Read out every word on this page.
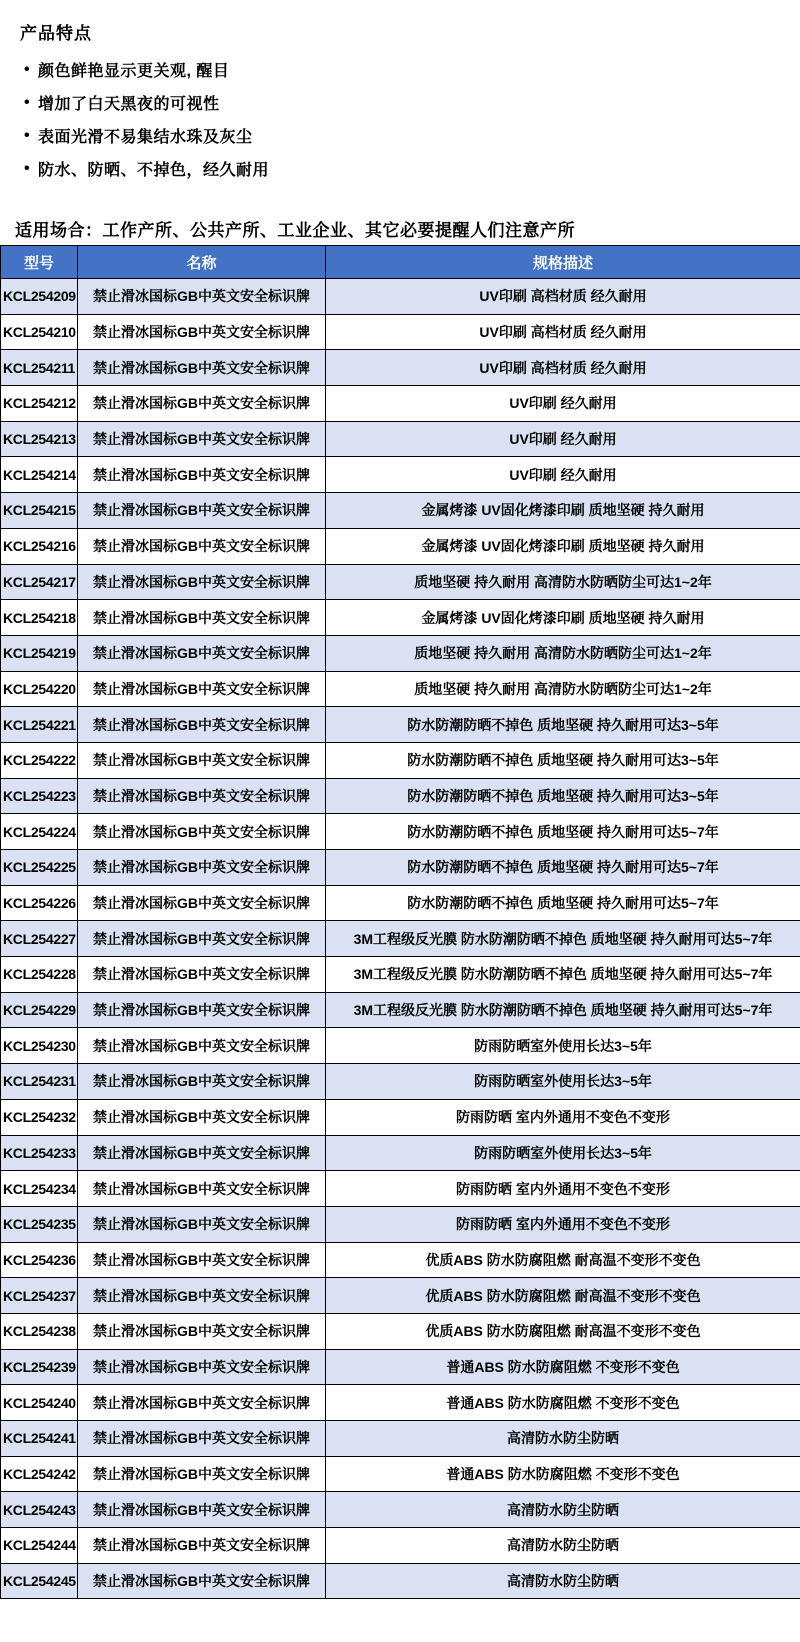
产品特点
• 颜色鲜艳显示更关观, 醒目
• 增加了白天黑夜的可视性
• 表面光滑不易集结水珠及灰尘
• 防水、防晒、不掉色，经久耐用
适用场合：工作产所、公共产所、工业企业、其它必要提醒人们注意产所
型号	名称	规格描述
KCL254209	禁止滑冰国标GB中英文安全标识牌	UV印刷 高档材质 经久耐用
KCL254210	禁止滑冰国标GB中英文安全标识牌	UV印刷 高档材质 经久耐用
KCL254211	禁止滑冰国标GB中英文安全标识牌	UV印刷 高档材质 经久耐用
KCL254212	禁止滑冰国标GB中英文安全标识牌	UV印刷 经久耐用
KCL254213	禁止滑冰国标GB中英文安全标识牌	UV印刷 经久耐用
KCL254214	禁止滑冰国标GB中英文安全标识牌	UV印刷 经久耐用
KCL254215	禁止滑冰国标GB中英文安全标识牌	金属烤漆 UV固化烤漆印刷 质地坚硬 持久耐用
KCL254216	禁止滑冰国标GB中英文安全标识牌	金属烤漆 UV固化烤漆印刷 质地坚硬 持久耐用
KCL254217	禁止滑冰国标GB中英文安全标识牌	质地坚硬 持久耐用 高清防水防晒防尘可达1~2年
KCL254218	禁止滑冰国标GB中英文安全标识牌	金属烤漆 UV固化烤漆印刷 质地坚硬 持久耐用
KCL254219	禁止滑冰国标GB中英文安全标识牌	质地坚硬 持久耐用 高清防水防晒防尘可达1~2年
KCL254220	禁止滑冰国标GB中英文安全标识牌	质地坚硬 持久耐用 高清防水防晒防尘可达1~2年
KCL254221	禁止滑冰国标GB中英文安全标识牌	防水防潮防晒不掉色 质地坚硬 持久耐用可达3~5年
KCL254222	禁止滑冰国标GB中英文安全标识牌	防水防潮防晒不掉色 质地坚硬 持久耐用可达3~5年
KCL254223	禁止滑冰国标GB中英文安全标识牌	防水防潮防晒不掉色 质地坚硬 持久耐用可达3~5年
KCL254224	禁止滑冰国标GB中英文安全标识牌	防水防潮防晒不掉色 质地坚硬 持久耐用可达5~7年
KCL254225	禁止滑冰国标GB中英文安全标识牌	防水防潮防晒不掉色 质地坚硬 持久耐用可达5~7年
KCL254226	禁止滑冰国标GB中英文安全标识牌	防水防潮防晒不掉色 质地坚硬 持久耐用可达5~7年
KCL254227	禁止滑冰国标GB中英文安全标识牌	3M工程级反光膜 防水防潮防晒不掉色 质地坚硬 持久耐用可达5~7年
KCL254228	禁止滑冰国标GB中英文安全标识牌	3M工程级反光膜 防水防潮防晒不掉色 质地坚硬 持久耐用可达5~7年
KCL254229	禁止滑冰国标GB中英文安全标识牌	3M工程级反光膜 防水防潮防晒不掉色 质地坚硬 持久耐用可达5~7年
KCL254230	禁止滑冰国标GB中英文安全标识牌	防雨防晒室外使用长达3~5年
KCL254231	禁止滑冰国标GB中英文安全标识牌	防雨防晒室外使用长达3~5年
KCL254232	禁止滑冰国标GB中英文安全标识牌	防雨防晒 室内外通用不变色不变形
KCL254233	禁止滑冰国标GB中英文安全标识牌	防雨防晒室外使用长达3~5年
KCL254234	禁止滑冰国标GB中英文安全标识牌	防雨防晒 室内外通用不变色不变形
KCL254235	禁止滑冰国标GB中英文安全标识牌	防雨防晒 室内外通用不变色不变形
KCL254236	禁止滑冰国标GB中英文安全标识牌	优质ABS 防水防腐阻燃 耐高温不变形不变色
KCL254237	禁止滑冰国标GB中英文安全标识牌	优质ABS 防水防腐阻燃 耐高温不变形不变色
KCL254238	禁止滑冰国标GB中英文安全标识牌	优质ABS 防水防腐阻燃 耐高温不变形不变色
KCL254239	禁止滑冰国标GB中英文安全标识牌	普通ABS 防水防腐阻燃 不变形不变色
KCL254240	禁止滑冰国标GB中英文安全标识牌	普通ABS 防水防腐阻燃 不变形不变色
KCL254241	禁止滑冰国标GB中英文安全标识牌	高清防水防尘防晒
KCL254242	禁止滑冰国标GB中英文安全标识牌	普通ABS 防水防腐阻燃 不变形不变色
KCL254243	禁止滑冰国标GB中英文安全标识牌	高清防水防尘防晒
KCL254244	禁止滑冰国标GB中英文安全标识牌	高清防水防尘防晒
KCL254245	禁止滑冰国标GB中英文安全标识牌	高清防水防尘防晒
